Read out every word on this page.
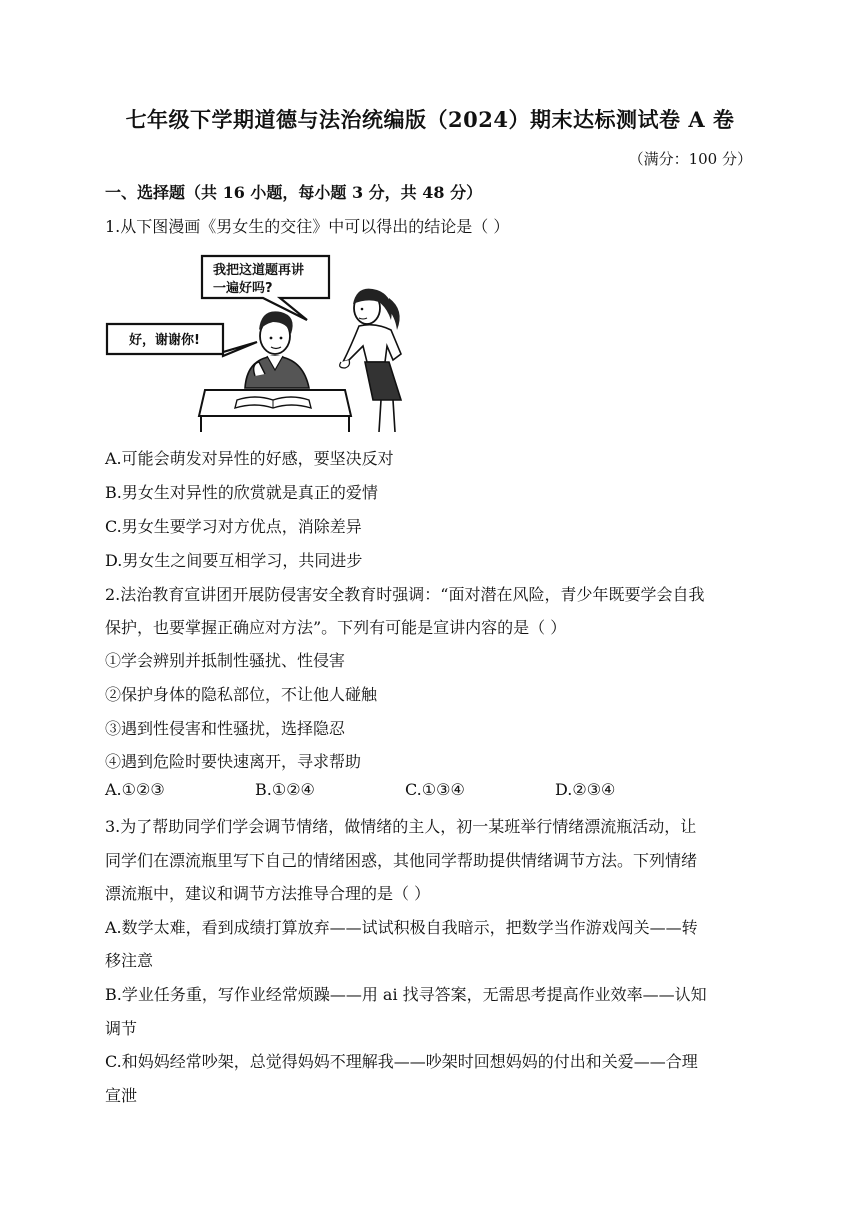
七年级下学期道德与法治统编版（2024）期末达标测试卷 A 卷
（满分：100 分）
一、选择题（共 16 小题，每小题 3 分，共 48 分）
1.从下图漫画《男女生的交往》中可以得出的结论是（ ）
我把这道题再讲
一遍好吗?
好，谢谢你!
A.可能会萌发对异性的好感，要坚决反对
B.男女生对异性的欣赏就是真正的爱情
C.男女生要学习对方优点，消除差异
D.男女生之间要互相学习，共同进步
2.法治教育宣讲团开展防侵害安全教育时强调：“面对潜在风险，青少年既要学会自我
保护，也要掌握正确应对方法”。下列有可能是宣讲内容的是（ ）
①学会辨别并抵制性骚扰、性侵害
②保护身体的隐私部位，不让他人碰触
③遇到性侵害和性骚扰，选择隐忍
④遇到危险时要快速离开，寻求帮助
A.①②③	B.①②④	C.①③④	D.②③④
3.为了帮助同学们学会调节情绪，做情绪的主人，初一某班举行情绪漂流瓶活动，让
同学们在漂流瓶里写下自己的情绪困惑，其他同学帮助提供情绪调节方法。下列情绪
漂流瓶中，建议和调节方法推导合理的是（ ）
A.数学太难，看到成绩打算放弃——试试积极自我暗示，把数学当作游戏闯关——转
移注意
B.学业任务重，写作业经常烦躁——用 ai 找寻答案，无需思考提高作业效率——认知
调节
C.和妈妈经常吵架，总觉得妈妈不理解我——吵架时回想妈妈的付出和关爱——合理
宣泄
